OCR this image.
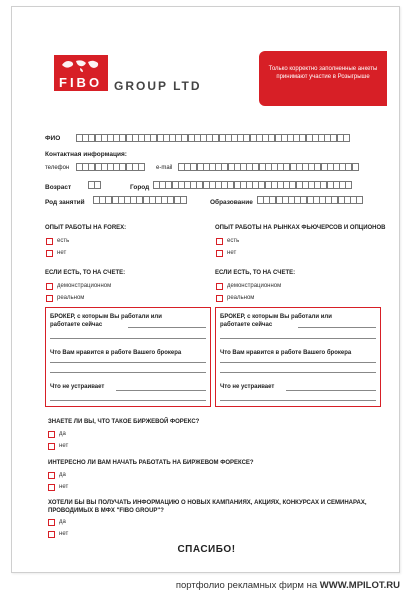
FIBO GROUP LTD
Только корректно заполненные анкеты принимают участие в Розыгрыше
ФИО
Контактная информация:
телефон	e-mail
Возраст	Город
Род занятий	Образование
ОПЫТ РАБОТЫ НА FOREX:
есть
нет
ОПЫТ РАБОТЫ НА РЫНКАХ ФЬЮЧЕРСОВ И ОПЦИОНОВ
есть
нет
ЕСЛИ ЕСТЬ, ТО НА СЧЕТЕ:
демонстрационном
реальном
ЕСЛИ ЕСТЬ, ТО НА СЧЕТЕ:
демонстрационном
реальном
БРОКЕР, с которым Вы работали или работаете сейчас
Что Вам нравится в работе Вашего брокера
Что не устраивает
БРОКЕР, с которым Вы работали или работаете сейчас
Что Вам нравится в работе Вашего брокера
Что не устраивает
ЗНАЕТЕ ЛИ ВЫ, ЧТО ТАКОЕ БИРЖЕВОЙ ФОРЕКС?
да
нет
ИНТЕРЕСНО ЛИ ВАМ НАЧАТЬ РАБОТАТЬ НА БИРЖЕВОМ ФОРЕКСЕ?
да
нет
ХОТЕЛИ БЫ ВЫ ПОЛУЧАТЬ ИНФОРМАЦИЮ О НОВЫХ КАМПАНИЯХ, АКЦИЯХ, КОНКУРСАХ И СЕМИНАРАХ, ПРОВОДИМЫХ В МФХ "FIBO GROUP"?
да
нет
СПАСИБО!
портфолио рекламных фирм на WWW.MPILOT.RU
